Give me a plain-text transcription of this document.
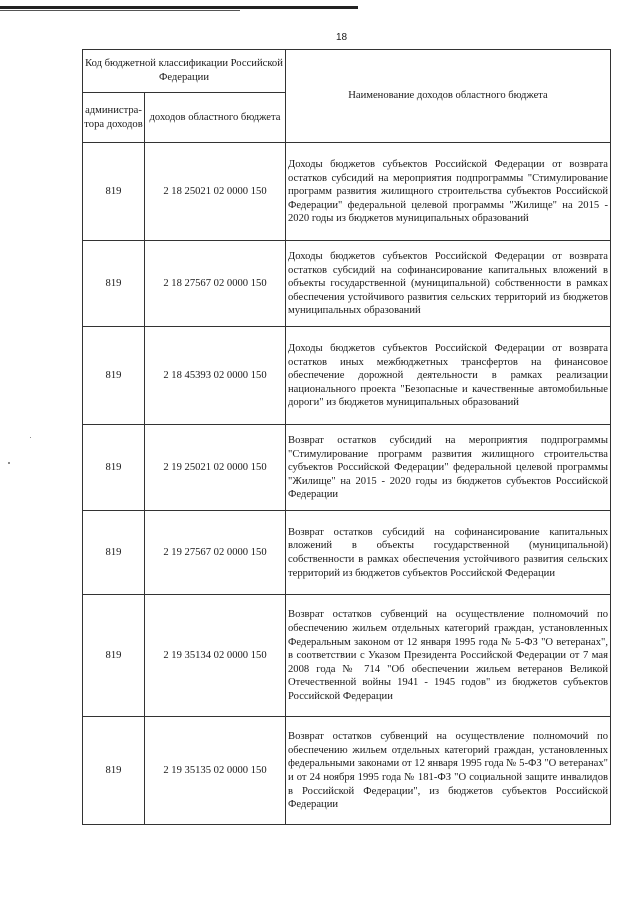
18
Код бюджетной классификации Российской Федерации		Наименование доходов областного бюджета
администра-тора доходов	доходов областного бюджета	
819	2 18 25021 02 0000 150	Доходы бюджетов субъектов Российской Федерации от возврата остатков субсидий на мероприятия подпрограммы "Стимулирование программ развития жилищного строительства субъектов Российской Федерации" федеральной целевой программы "Жилище" на 2015 - 2020 годы из бюджетов муниципальных образований
819	2 18 27567 02 0000 150	Доходы бюджетов субъектов Российской Федерации от возврата остатков субсидий на софинансирование капитальных вложений в объекты государственной (муниципальной) собственности в рамках обеспечения устойчивого развития сельских территорий из бюджетов муниципальных образований
819	2 18 45393 02 0000 150	Доходы бюджетов субъектов Российской Федерации от возврата остатков иных межбюджетных трансфертов на финансовое обеспечение дорожной деятельности в рамках реализации национального проекта "Безопасные и качественные автомобильные дороги" из бюджетов муниципальных образований
819	2 19 25021 02 0000 150	Возврат остатков субсидий на мероприятия подпрограммы "Стимулирование программ развития жилищного строительства субъектов Российской Федерации" федеральной целевой программы "Жилище" на 2015 - 2020 годы из бюджетов субъектов Российской Федерации
819	2 19 27567 02 0000 150	Возврат остатков субсидий на софинансирование капитальных вложений в объекты государственной (муниципальной) собственности в рамках обеспечения устойчивого развития сельских территорий из бюджетов субъектов Российской Федерации
819	2 19 35134 02 0000 150	Возврат остатков субвенций на осуществление полномочий по обеспечению жильем отдельных категорий граждан, установленных Федеральным законом от 12 января 1995 года № 5-ФЗ "О ветеранах", в соответствии с Указом Президента Российской Федерации от 7 мая 2008 года № 714 "Об обеспечении жильем ветеранов Великой Отечественной войны 1941 - 1945 годов" из бюджетов субъектов Российской Федерации
819	2 19 35135 02 0000 150	Возврат остатков субвенций на осуществление полномочий по обеспечению жильем отдельных категорий граждан, установленных федеральными законами от 12 января 1995 года № 5-ФЗ "О ветеранах" и от 24 ноября 1995 года № 181-ФЗ "О социальной защите инвалидов в Российской Федерации", из бюджетов субъектов Российской Федерации
